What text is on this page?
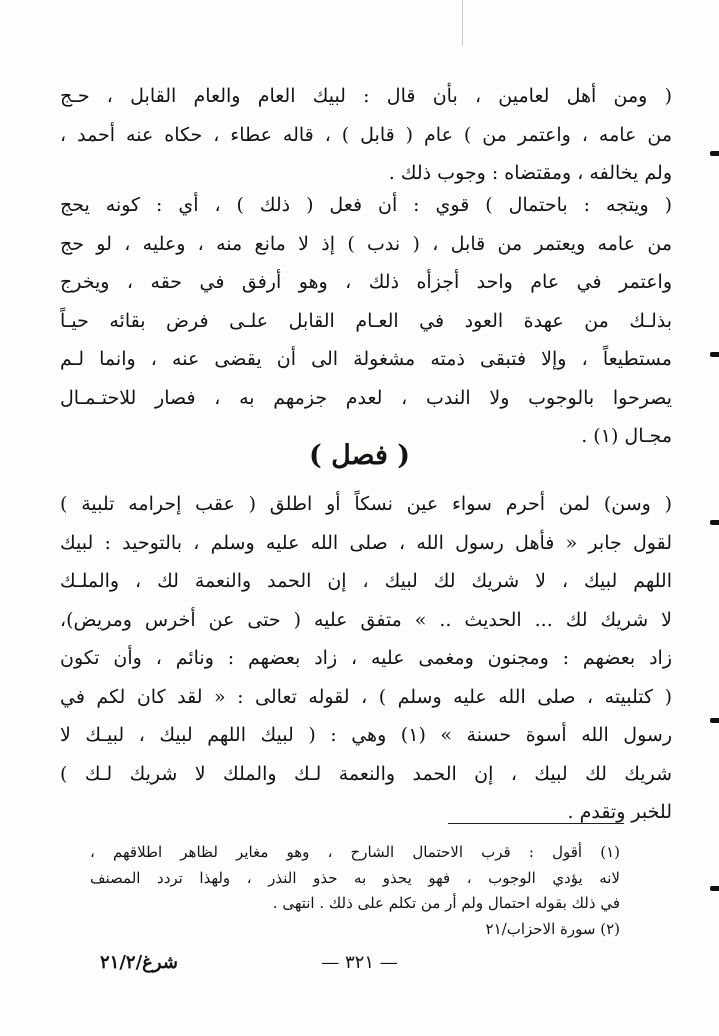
( ومن أهل لعامين ، بأن قال : لبيك العام والعام القابل ، حـج
من عامه ، واعتمر من ) عام ( قابل ) ، قاله عطاء ، حكاه عنه أحمد ،
ولم يخالفه ، ومقتضاه : وجوب ذلك .
( ويتجه : باحتمال ) قوي : أن فعل ( ذلك ) ، أي : كونه يحج
من عامه ويعتمر من قابل ، ( ندب ) إذ لا مانع منه ، وعليه ، لو حج
واعتمر في عام واحد أجزأه ذلك ، وهو أرفق في حقه ، ويخرج
بذلـك من عهدة العود في العـام القابل علـى فرض بقائه حيـاً
مستطيعاً ، وإلا فتبقى ذمته مشغولة الى أن يقضى عنه ، وانما لـم
يصرحوا بالوجوب ولا الندب ، لعدم جزمهم به ، فصار للاحتـمـال
مجـال (١) .
( فصل )
( وسن) لمن أحرم سواء عين نسكاً أو اطلق ( عقب إحرامه تلبية )
لقول جابر « فأهل رسول الله ، صلى الله عليه وسلم ، بالتوحيد : لبيك
اللهم لبيك ، لا شريك لك لبيك ، إن الحمد والنعمة لك ، والملـك
لا شريك لك ... الحديث .. » متفق عليه ( حتى عن أخرس ومريض)،
زاد بعضهم : ومجنون ومغمى عليه ، زاد بعضهم : ونائم ، وأن تكون
( كتلبيته ، صلى الله عليه وسلم ) ، لقوله تعالى : « لقد كان لكم في
رسول الله أسوة حسنة » (١) وهي : ( لبيك اللهم لبيك ، لبيـك لا
شريك لك لبيك ، إن الحمد والنعمة لـك والملك لا شريك لـك )
للخبر وتقدم .
(١) أقول : قرب الاحتمال الشارح ، وهو مغاير لظاهر اطلاقهم ،
لانه يؤدي الوجوب ، فهو يحذو به حذو النذر ، ولهذا تردد المصنف
في ذلك بقوله احتمال ولم أر من تكلم على ذلك . انتهى .
(٢) سورة الاحزاب/٢١
— ٣٢١ —
شرغ/٢١/٢
